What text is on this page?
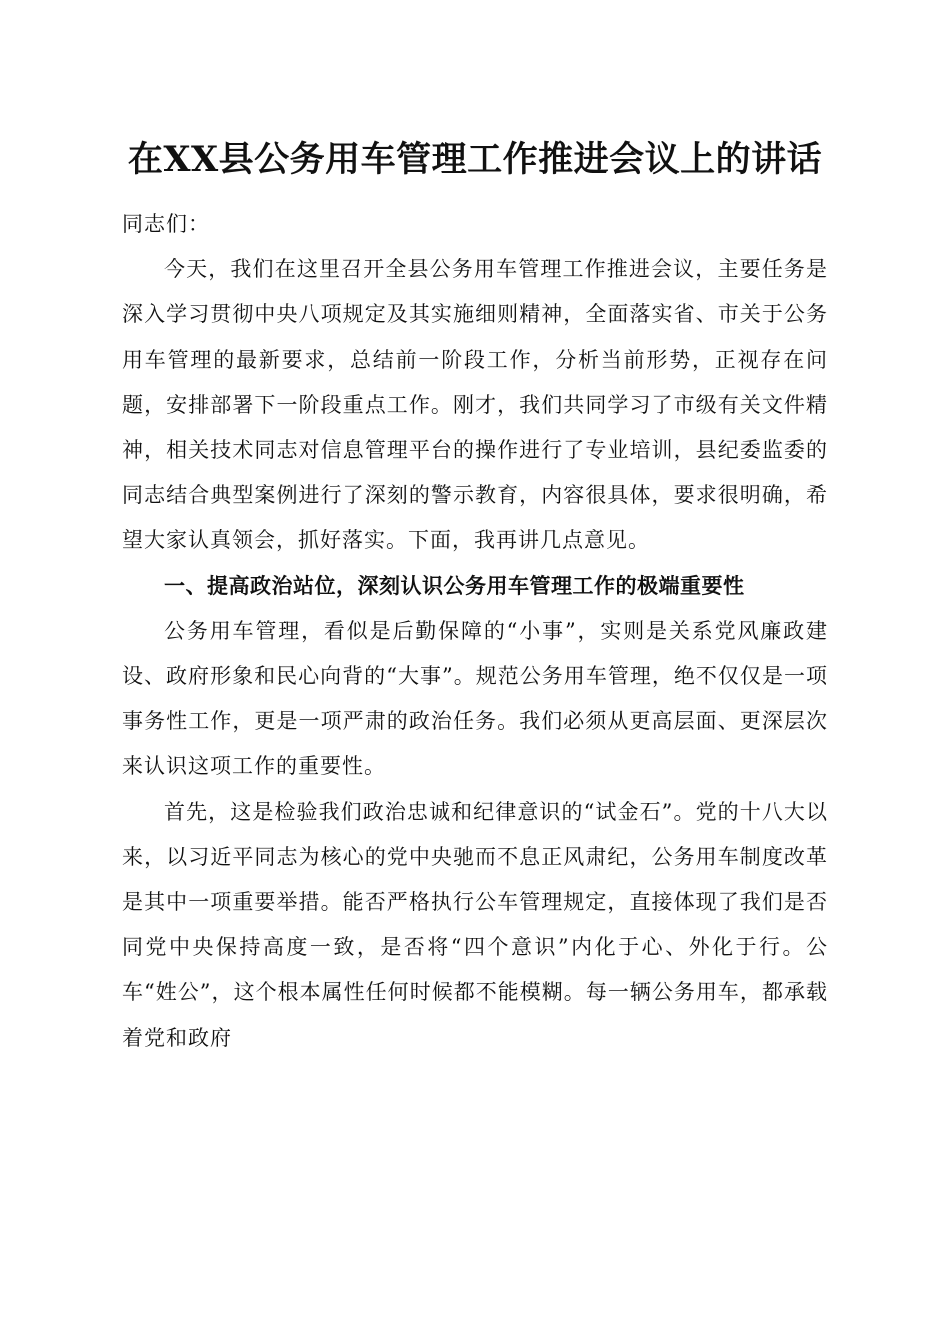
在XX县公务用车管理工作推进会议上的讲话

同志们：

今天，我们在这里召开全县公务用车管理工作推进会议，主要任务是深入学习贯彻中央八项规定及其实施细则精神，全面落实省、市关于公务用车管理的最新要求，总结前一阶段工作，分析当前形势，正视存在问题，安排部署下一阶段重点工作。刚才，我们共同学习了市级有关文件精神，相关技术同志对信息管理平台的操作进行了专业培训，县纪委监委的同志结合典型案例进行了深刻的警示教育，内容很具体，要求很明确，希望大家认真领会，抓好落实。下面，我再讲几点意见。

一、提高政治站位，深刻认识公务用车管理工作的极端重要性

公务用车管理，看似是后勤保障的“小事”，实则是关系党风廉政建设、政府形象和民心向背的“大事”。规范公务用车管理，绝不仅仅是一项事务性工作，更是一项严肃的政治任务。我们必须从更高层面、更深层次来认识这项工作的重要性。

首先，这是检验我们政治忠诚和纪律意识的“试金石”。党的十八大以来，以习近平同志为核心的党中央驰而不息正风肃纪，公务用车制度改革是其中一项重要举措。能否严格执行公车管理规定，直接体现了我们是否同党中央保持高度一致，是否将“四个意识”内化于心、外化于行。公车“姓公”，这个根本属性任何时候都不能模糊。每一辆公务用车，都承载着党和政府
